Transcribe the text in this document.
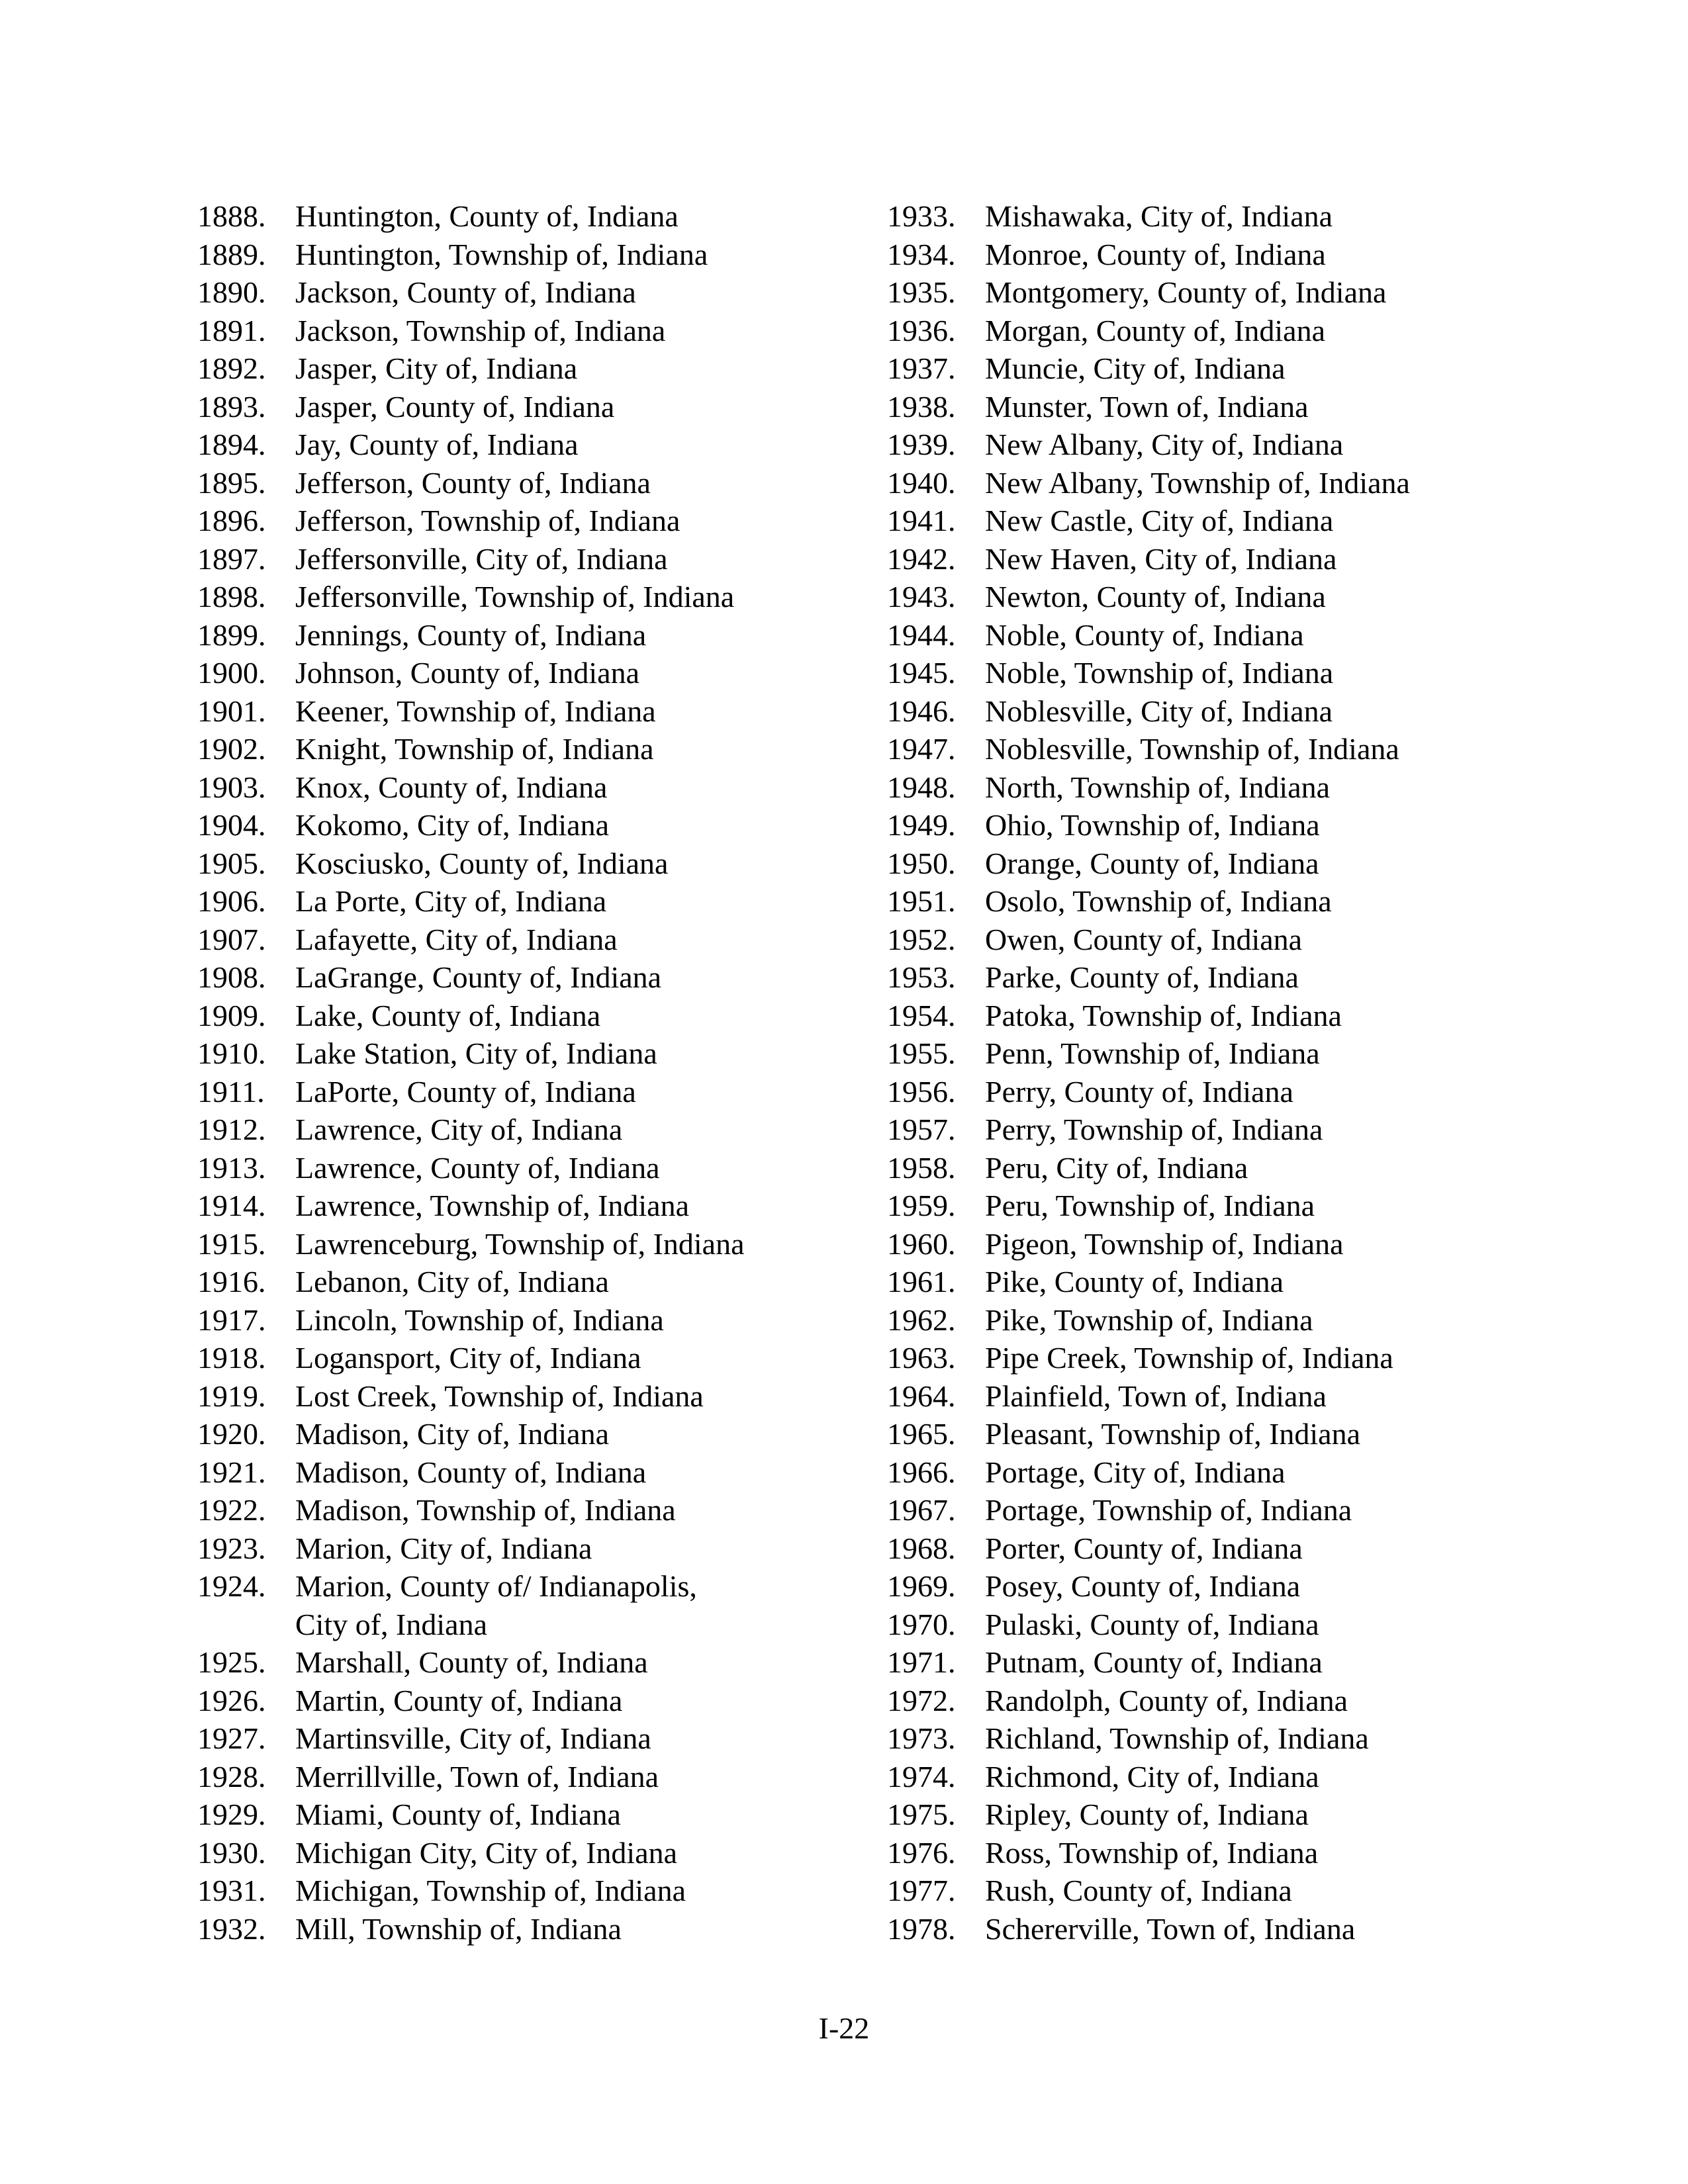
1888. Huntington, County of, Indiana
1889. Huntington, Township of, Indiana
1890. Jackson, County of, Indiana
1891. Jackson, Township of, Indiana
1892. Jasper, City of, Indiana
1893. Jasper, County of, Indiana
1894. Jay, County of, Indiana
1895. Jefferson, County of, Indiana
1896. Jefferson, Township of, Indiana
1897. Jeffersonville, City of, Indiana
1898. Jeffersonville, Township of, Indiana
1899. Jennings, County of, Indiana
1900. Johnson, County of, Indiana
1901. Keener, Township of, Indiana
1902. Knight, Township of, Indiana
1903. Knox, County of, Indiana
1904. Kokomo, City of, Indiana
1905. Kosciusko, County of, Indiana
1906. La Porte, City of, Indiana
1907. Lafayette, City of, Indiana
1908. LaGrange, County of, Indiana
1909. Lake, County of, Indiana
1910. Lake Station, City of, Indiana
1911.	LaPorte, County of, Indiana
1912. Lawrence, City of, Indiana
1913. Lawrence, County of, Indiana
1914. Lawrence, Township of, Indiana
1915. Lawrenceburg, Township of, Indiana
1916. Lebanon, City of, Indiana
1917. Lincoln, Township of, Indiana
1918. Logansport, City of, Indiana
1919. Lost Creek, Township of, Indiana
1920. Madison, City of, Indiana
1921. Madison, County of, Indiana
1922. Madison, Township of, Indiana
1923. Marion, City of, Indiana
1924. Marion, County of/ Indianapolis,
City of, Indiana
1925. Marshall, County of, Indiana
1926. Martin, County of, Indiana
1927. Martinsville, City of, Indiana
1928. Merrillville, Town of, Indiana
1929. Miami, County of, Indiana
1930. Michigan City, City of, Indiana
1931. Michigan, Township of, Indiana
1932. Mill, Township of, Indiana
1933. Mishawaka, City of, Indiana
1934. Monroe, County of, Indiana
1935. Montgomery, County of, Indiana
1936. Morgan, County of, Indiana
1937. Muncie, City of, Indiana
1938. Munster, Town of, Indiana
1939. New Albany, City of, Indiana
1940. New Albany, Township of, Indiana
1941. New Castle, City of, Indiana
1942. New Haven, City of, Indiana
1943. Newton, County of, Indiana
1944. Noble, County of, Indiana
1945. Noble, Township of, Indiana
1946. Noblesville, City of, Indiana
1947. Noblesville, Township of, Indiana
1948. North, Township of, Indiana
1949. Ohio, Township of, Indiana
1950. Orange, County of, Indiana
1951. Osolo, Township of, Indiana
1952. Owen, County of, Indiana
1953. Parke, County of, Indiana
1954. Patoka, Township of, Indiana
1955. Penn, Township of, Indiana
1956. Perry, County of, Indiana
1957. Perry, Township of, Indiana
1958. Peru, City of, Indiana
1959. Peru, Township of, Indiana
1960. Pigeon, Township of, Indiana
1961. Pike, County of, Indiana
1962. Pike, Township of, Indiana
1963. Pipe Creek, Township of, Indiana
1964. Plainfield, Town of, Indiana
1965. Pleasant, Township of, Indiana
1966. Portage, City of, Indiana
1967. Portage, Township of, Indiana
1968. Porter, County of, Indiana
1969. Posey, County of, Indiana
1970. Pulaski, County of, Indiana
1971. Putnam, County of, Indiana
1972. Randolph, County of, Indiana
1973. Richland, Township of, Indiana
1974. Richmond, City of, Indiana
1975. Ripley, County of, Indiana
1976. Ross, Township of, Indiana
1977. Rush, County of, Indiana
1978. Schererville, Town of, Indiana
I-22
